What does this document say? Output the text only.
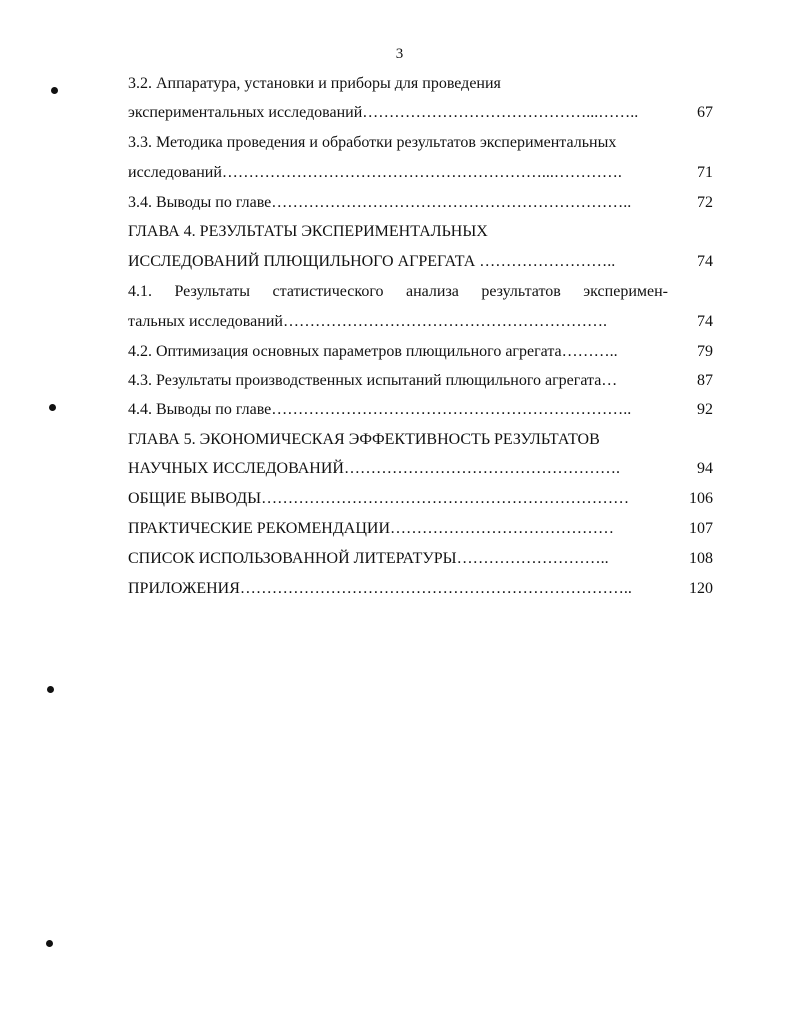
3
3.2. Аппаратура, установки и приборы для проведения
экспериментальных исследований……………………………………...……..	67
3.3. Методика проведения и обработки результатов экспериментальных
исследований……………………………………………………...………….	71
3.4. Выводы по главе…………………………………………………………..	72
ГЛАВА 4. РЕЗУЛЬТАТЫ ЭКСПЕРИМЕНТАЛЬНЫХ
ИССЛЕДОВАНИЙ ПЛЮЩИЛЬНОГО АГРЕГАТА ……………………..	74
4.1. Результаты статистического анализа результатов эксперимен-
тальных исследований…………………………………………………….	74
4.2. Оптимизация основных параметров плющильного агрегата………..	79
4.3. Результаты производственных испытаний плющильного агрегата…	87
4.4. Выводы по главе…………………………………………………………..	92
ГЛАВА 5. ЭКОНОМИЧЕСКАЯ ЭФФЕКТИВНОСТЬ РЕЗУЛЬТАТОВ
НАУЧНЫХ ИССЛЕДОВАНИЙ…………………………………………….	94
ОБЩИЕ ВЫВОДЫ……………………………………………………………	106
ПРАКТИЧЕСКИЕ РЕКОМЕНДАЦИИ……………………………………	107
СПИСОК ИСПОЛЬЗОВАННОЙ ЛИТЕРАТУРЫ………………………..	108
ПРИЛОЖЕНИЯ………………………………………………………………..	120
